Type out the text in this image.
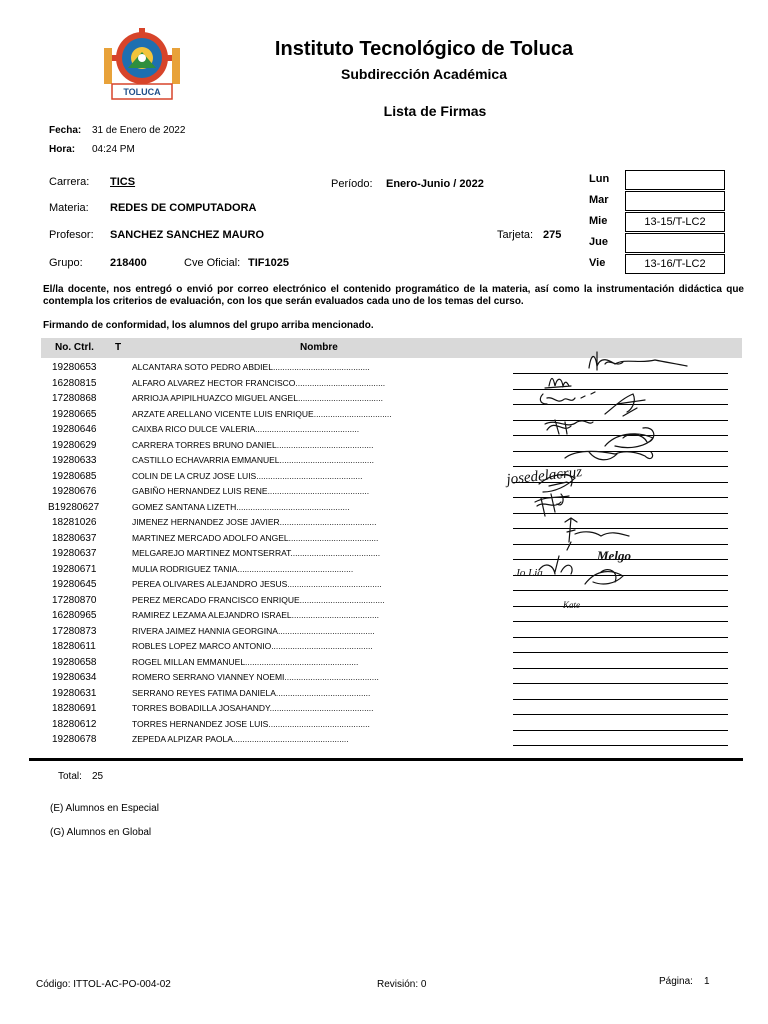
TOLUCA
Instituto Tecnológico de Toluca
Subdirección Académica
Lista de Firmas
Fecha: 31 de Enero de 2022
Hora: 04:24 PM
Carrera: TICS	Período: Enero-Junio / 2022
Materia: REDES DE COMPUTADORA
Profesor: SANCHEZ SANCHEZ MAURO	Tarjeta: 275
Grupo: 218400	Cve Oficial: TIF1025
Lun
Mar
Mie	13-15/T-LC2
Jue
Vie	13-16/T-LC2
El/la docente, nos entregó o envió por correo electrónico el contenido programático de la materia, así como la instrumentación didáctica que contempla los criterios de evaluación, con los que serán evaluados cada uno de los temas del curso.
Firmando de conformidad, los alumnos del grupo arriba mencionado.
No. Ctrl. T	Nombre
19280653	ALCANTARA SOTO PEDRO ABDIEL.........................................
16280815	ALFARO ALVAREZ HECTOR FRANCISCO......................................
17280868	ARRIOJA APIPILHUAZCO MIGUEL ANGEL....................................
19280665	ARZATE ARELLANO VICENTE LUIS ENRIQUE.................................
19280646	CAIXBA RICO DULCE VALERIA............................................
19280629	CARRERA TORRES BRUNO DANIEL.........................................
19280633	CASTILLO ECHAVARRIA EMMANUEL........................................
19280685	COLIN DE LA CRUZ JOSE LUIS.............................................
19280676	GABIÑO HERNANDEZ LUIS RENE...........................................
B19280627	GOMEZ SANTANA LIZETH................................................
18281026	JIMENEZ HERNANDEZ JOSE JAVIER.........................................
18280637	MARTINEZ MERCADO ADOLFO ANGEL......................................
19280637	MELGAREJO MARTINEZ MONTSERRAT......................................
19280671	MULIA RODRIGUEZ TANIA.................................................
19280645	PEREA OLIVARES ALEJANDRO JESUS........................................
17280870	PEREZ MERCADO FRANCISCO ENRIQUE....................................
16280965	RAMIREZ LEZAMA ALEJANDRO ISRAEL.....................................
17280873	RIVERA JAIMEZ HANNIA GEORGINA.........................................
18280611	ROBLES LOPEZ MARCO ANTONIO...........................................
19280658	ROGEL MILLAN EMMANUEL................................................
19280634	ROMERO SERRANO VIANNEY NOEMI........................................
19280631	SERRANO REYES FATIMA DANIELA........................................
18280691	TORRES BOBADILLA JOSAHANDY............................................
18280612	TORRES HERNANDEZ JOSE LUIS...........................................
19280678	ZEPEDA ALPIZAR PAOLA.................................................
josedelacruz
Melgo
Jo Lia
Kate
Total: 25
(E) Alumnos en Especial
(G) Alumnos en Global
Código: ITTOL-AC-PO-004-02	Revisión: 0	Página: 1
